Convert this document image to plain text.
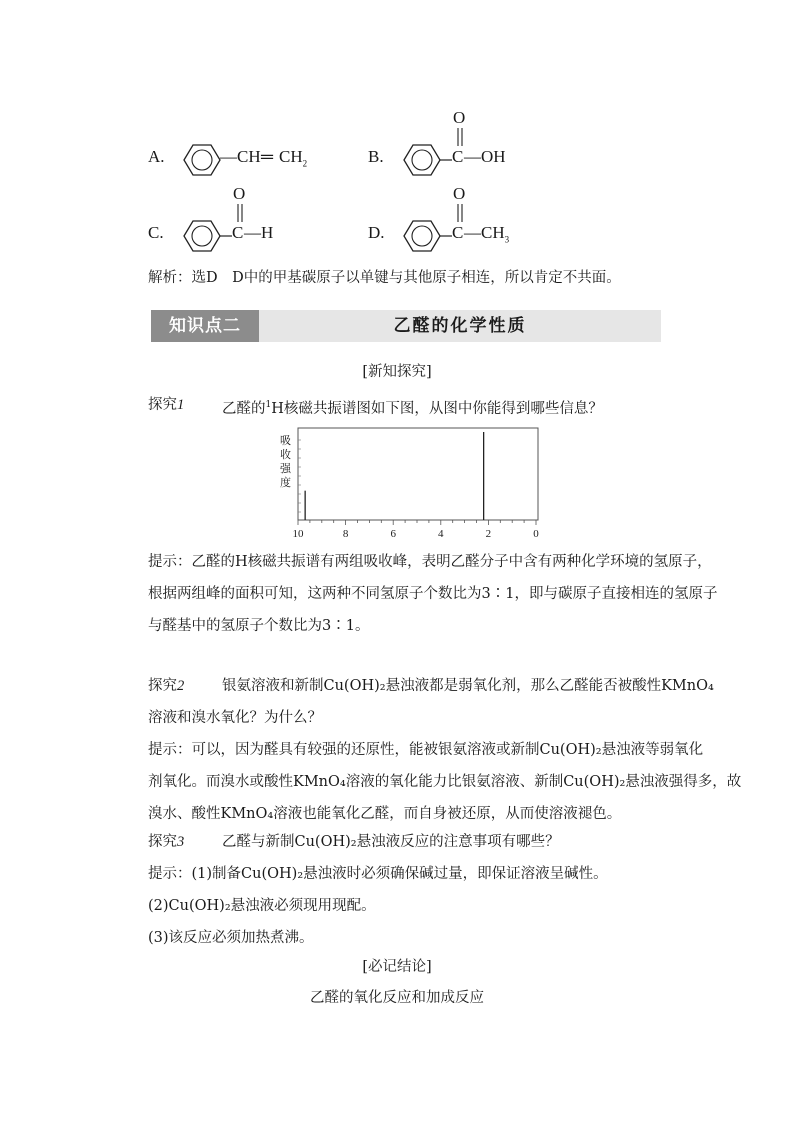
A.	—CH ═ $CH_2$	B.
O
C —OH
C.
O
C —H	D.
O
C $—CH_3$
解析：选D　D中的甲基碳原子以单键与其他原子相连，所以肯定不共面。
知识点二	乙醛的化学性质
[新知探究]
探究1	乙醛的$^1$H核磁共振谱图如下图，从图中你能得到哪些信息？
吸收强度
10	8	6	4	2	0
提示：乙醛的H核磁共振谱有两组吸收峰，表明乙醛分子中含有两种化学环境的氢原子，
根据两组峰的面积可知，这两种不同氢原子个数比为3∶1，即与碳原子直接相连的氢原子
与醛基中的氢原子个数比为3∶1。
探究2	银氨溶液和新制Cu(OH)₂悬浊液都是弱氧化剂，那么乙醛能否被酸性KMnO₄
溶液和溴水氧化？为什么？
提示：可以，因为醛具有较强的还原性，能被银氨溶液或新制Cu(OH)₂悬浊液等弱氧化
剂氧化。而溴水或酸性KMnO₄溶液的氧化能力比银氨溶液、新制Cu(OH)₂悬浊液强得多，故
溴水、酸性KMnO₄溶液也能氧化乙醛，而自身被还原，从而使溶液褪色。
探究3	乙醛与新制Cu(OH)₂悬浊液反应的注意事项有哪些？
提示：(1)制备Cu(OH)₂悬浊液时必须确保碱过量，即保证溶液呈碱性。
(2)Cu(OH)₂悬浊液必须现用现配。
(3)该反应必须加热煮沸。
[必记结论]
乙醛的氧化反应和加成反应
